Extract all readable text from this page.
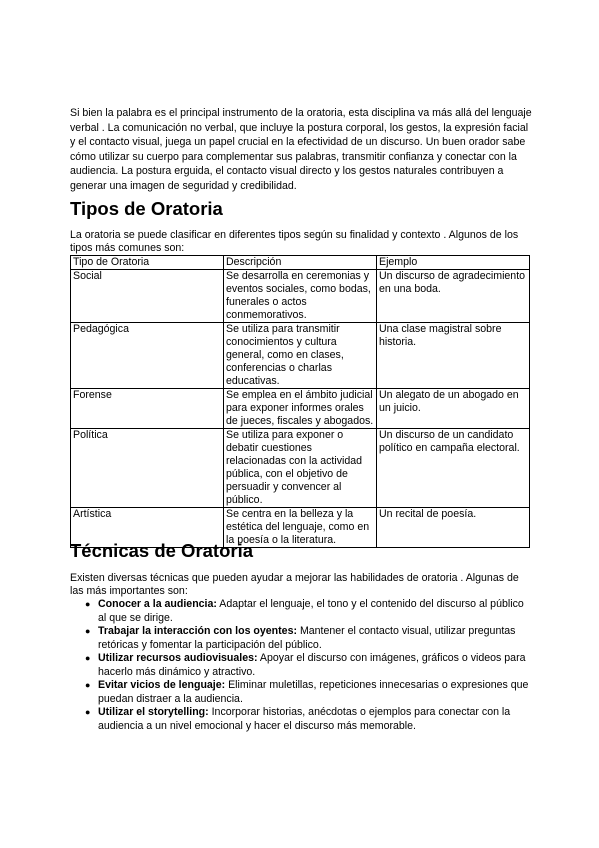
Si bien la palabra es el principal instrumento de la oratoria, esta disciplina va más allá del lenguaje verbal . La comunicación no verbal, que incluye la postura corporal, los gestos, la expresión facial y el contacto visual, juega un papel crucial en la efectividad de un discurso. Un buen orador sabe cómo utilizar su cuerpo para complementar sus palabras, transmitir confianza y conectar con la audiencia. La postura erguida, el contacto visual directo y los gestos naturales contribuyen a generar una imagen de seguridad y credibilidad.

Tipos de Oratoria

La oratoria se puede clasificar en diferentes tipos según su finalidad y contexto . Algunos de los tipos más comunes son:

Tipo de Oratoria	Descripción	Ejemplo
Social	Se desarrolla en ceremonias y eventos sociales, como bodas, funerales o actos conmemorativos.	Un discurso de agradecimiento en una boda.
Pedagógica	Se utiliza para transmitir conocimientos y cultura general, como en clases, conferencias o charlas educativas.	Una clase magistral sobre historia.
Forense	Se emplea en el ámbito judicial para exponer informes orales de jueces, fiscales y abogados.	Un alegato de un abogado en un juicio.
Política	Se utiliza para exponer o debatir cuestiones relacionadas con la actividad pública, con el objetivo de persuadir y convencer al público.	Un discurso de un candidato político en campaña electoral.
Artística	Se centra en la belleza y la estética del lenguaje, como en la poesía o la literatura.	Un recital de poesía.
Técnicas de Oratoria

Existen diversas técnicas que pueden ayudar a mejorar las habilidades de oratoria . Algunas de las más importantes son:

● Conocer a la audiencia: Adaptar el lenguaje, el tono y el contenido del discurso al público al que se dirige.
● Trabajar la interacción con los oyentes: Mantener el contacto visual, utilizar preguntas retóricas y fomentar la participación del público.
● Utilizar recursos audiovisuales: Apoyar el discurso con imágenes, gráficos o videos para hacerlo más dinámico y atractivo.
● Evitar vicios de lenguaje: Eliminar muletillas, repeticiones innecesarias o expresiones que puedan distraer a la audiencia.
● Utilizar el storytelling: Incorporar historias, anécdotas o ejemplos para conectar con la audiencia a un nivel emocional y hacer el discurso más memorable.
